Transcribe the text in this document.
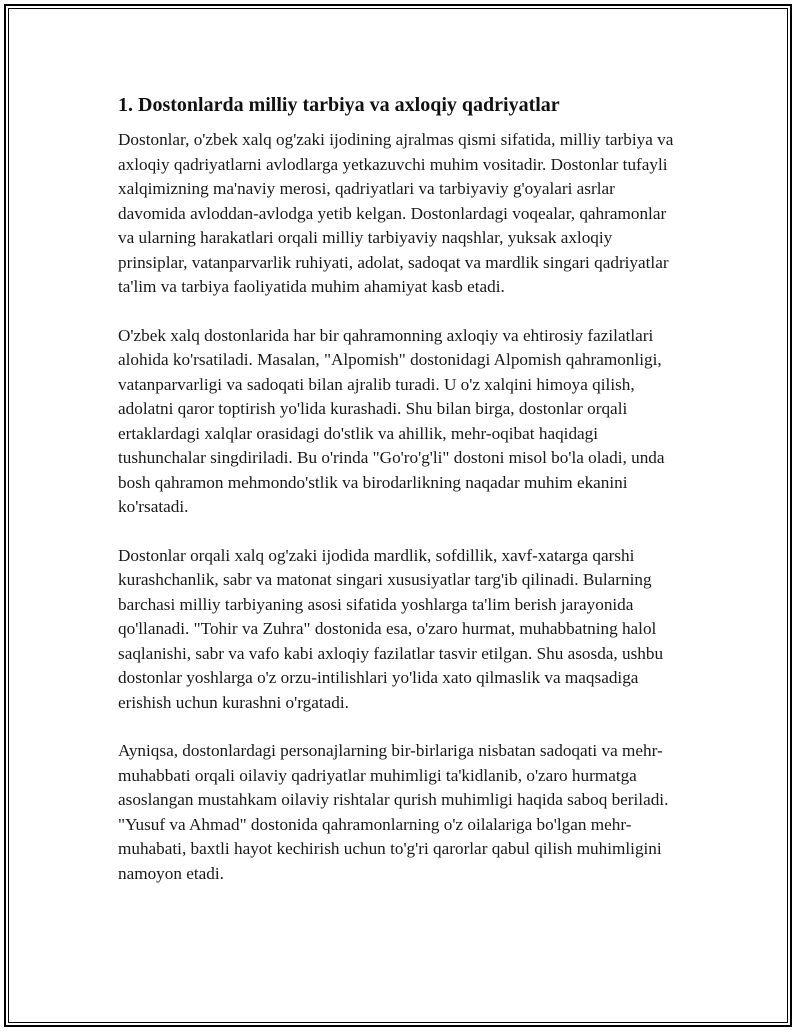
1. Dostonlarda milliy tarbiya va axloqiy qadriyatlar

Dostonlar, o'zbek xalq og'zaki ijodining ajralmas qismi sifatida, milliy tarbiya va axloqiy qadriyatlarni avlodlarga yetkazuvchi muhim vositadir. Dostonlar tufayli xalqimizning ma'naviy merosi, qadriyatlari va tarbiyaviy g'oyalari asrlar davomida avloddan-avlodga yetib kelgan. Dostonlardagi voqealar, qahramonlar va ularning harakatlari orqali milliy tarbiyaviy naqshlar, yuksak axloqiy prinsiplar, vatanparvarlik ruhiyati, adolat, sadoqat va mardlik singari qadriyatlar ta'lim va tarbiya faoliyatida muhim ahamiyat kasb etadi.

O'zbek xalq dostonlarida har bir qahramonning axloqiy va ehtirosiy fazilatlari alohida ko'rsatiladi. Masalan, "Alpomish" dostonidagi Alpomish qahramonligi, vatanparvarligi va sadoqati bilan ajralib turadi. U o'z xalqini himoya qilish, adolatni qaror toptirish yo'lida kurashadi. Shu bilan birga, dostonlar orqali ertaklardagi xalqlar orasidagi do'stlik va ahillik, mehr-oqibat haqidagi tushunchalar singdiriladi. Bu o'rinda "Go'ro'g'li" dostoni misol bo'la oladi, unda bosh qahramon mehmondo'stlik va birodarlikning naqadar muhim ekanini ko'rsatadi.

Dostonlar orqali xalq og'zaki ijodida mardlik, sofdillik, xavf-xatarga qarshi kurashchanlik, sabr va matonat singari xususiyatlar targ'ib qilinadi. Bularning barchasi milliy tarbiyaning asosi sifatida yoshlarga ta'lim berish jarayonida qo'llanadi. "Tohir va Zuhra" dostonida esa, o'zaro hurmat, muhabbatning halol saqlanishi, sabr va vafo kabi axloqiy fazilatlar tasvir etilgan. Shu asosda, ushbu dostonlar yoshlarga o'z orzu-intilishlari yo'lida xato qilmaslik va maqsadiga erishish uchun kurashni o'rgatadi.

Ayniqsa, dostonlardagi personajlarning bir-birlariga nisbatan sadoqati va mehr-muhabbati orqali oilaviy qadriyatlar muhimligi ta'kidlanib, o'zaro hurmatga asoslangan mustahkam oilaviy rishtalar qurish muhimligi haqida saboq beriladi. "Yusuf va Ahmad" dostonida qahramonlarning o'z oilalariga bo'lgan mehr-muhabati, baxtli hayot kechirish uchun to'g'ri qarorlar qabul qilish muhimligini namoyon etadi.
